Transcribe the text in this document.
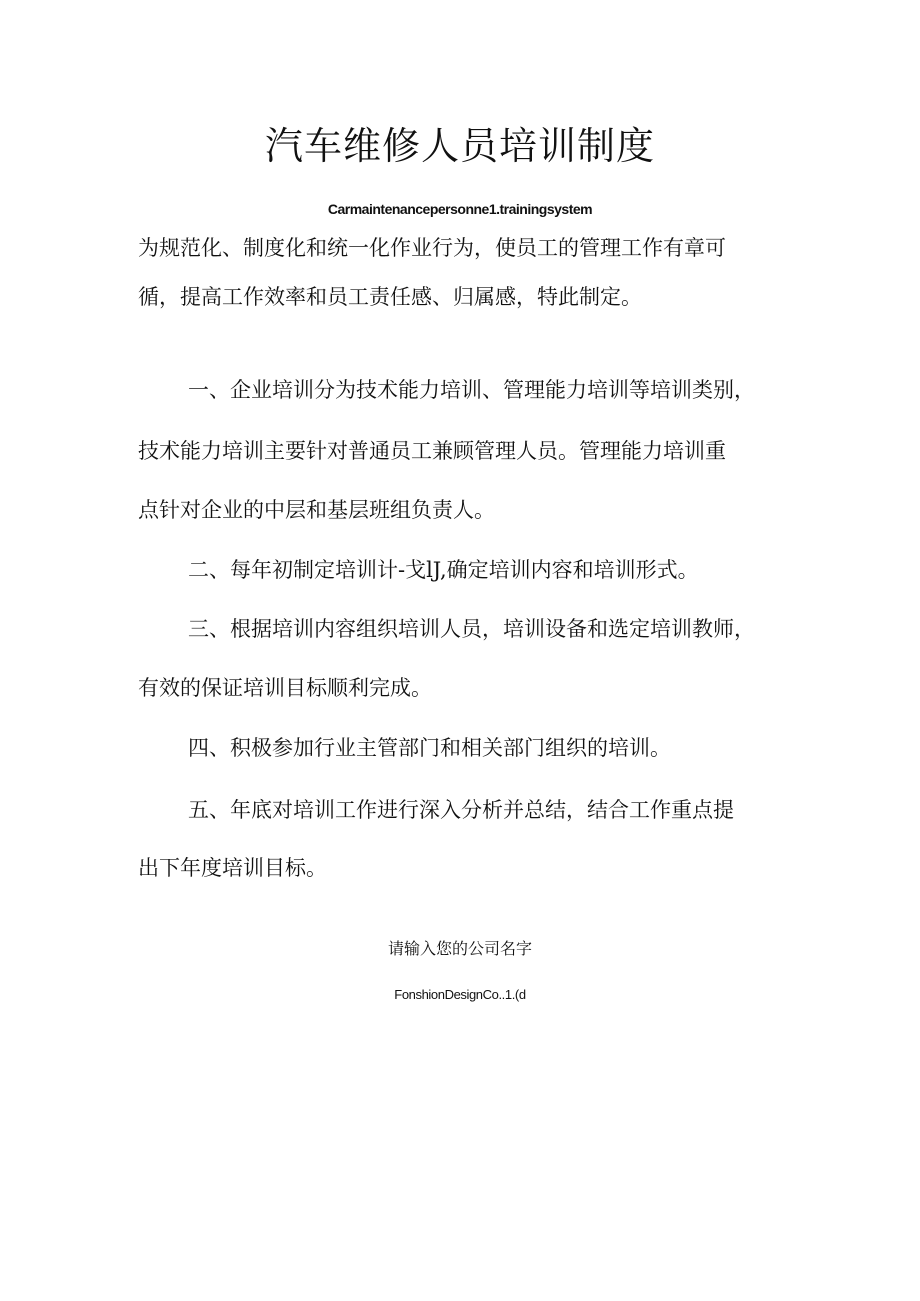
汽车维修人员培训制度
Carmaintenancepersonne1.trainingsystem
为规范化、制度化和统一化作业行为，使员工的管理工作有章可
循，提高工作效率和员工责任感、归属感，特此制定。
一、企业培训分为技术能力培训、管理能力培训等培训类别，
技术能力培训主要针对普通员工兼顾管理人员。管理能力培训重
点针对企业的中层和基层班组负责人。
二、每年初制定培训计-戈lJ,确定培训内容和培训形式。
三、根据培训内容组织培训人员，培训设备和选定培训教师，
有效的保证培训目标顺利完成。
四、积极参加行业主管部门和相关部门组织的培训。
五、年底对培训工作进行深入分析并总结，结合工作重点提
出下年度培训目标。
请输入您的公司名字
FonshionDesignCo..1.(d
